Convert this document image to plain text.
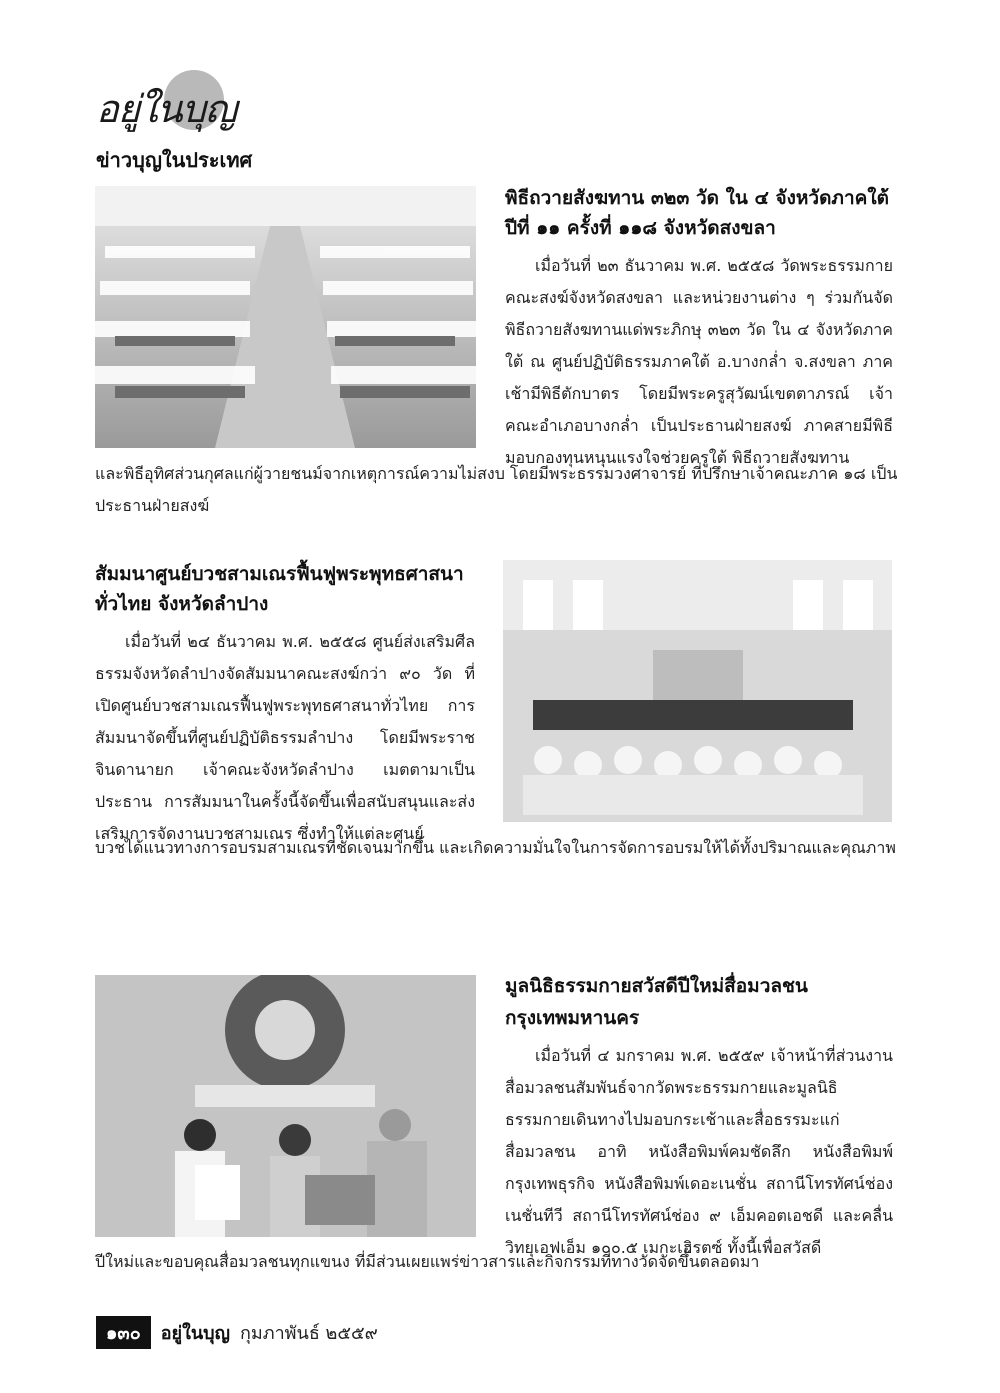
อยู่ในบุญ
ข่าวบุญในประเทศ
พิธีถวายสังฆทาน ๓๒๓ วัด ใน ๔ จังหวัดภาคใต้
ปีที่ ๑๑ ครั้งที่ ๑๑๘ จังหวัดสงขลา
เมื่อวันที่ ๒๓ ธันวาคม พ.ศ. ๒๕๕๘ วัดพระธรรมกาย คณะสงฆ์จังหวัดสงขลา และหน่วยงานต่าง ๆ ร่วมกันจัดพิธีถวายสังฆทานแด่พระภิกษุ ๓๒๓ วัด ใน ๔ จังหวัดภาคใต้ ณ ศูนย์ปฏิบัติธรรมภาคใต้ อ.บางกล่ำ จ.สงขลา ภาคเช้ามีพิธีตักบาตร โดยมีพระครูสุวัฒน์เขตตาภรณ์ เจ้าคณะอำเภอบางกล่ำ เป็นประธานฝ่ายสงฆ์ ภาคสายมีพิธีมอบกองทุนหนุนแรงใจช่วยครูใต้ พิธีถวายสังฆทาน
และพิธีอุทิศส่วนกุศลแก่ผู้วายชนม์จากเหตุการณ์ความไม่สงบ โดยมีพระธรรมวงศาจารย์ ที่ปรึกษาเจ้าคณะภาค ๑๘ เป็นประธานฝ่ายสงฆ์
สัมมนาศูนย์บวชสามเณรฟื้นฟูพระพุทธศาสนา
ทั่วไทย จังหวัดลำปาง
เมื่อวันที่ ๒๔ ธันวาคม พ.ศ. ๒๕๕๘ ศูนย์ส่งเสริมศีลธรรมจังหวัดลำปางจัดสัมมนาคณะสงฆ์กว่า ๙๐ วัด ที่เปิดศูนย์บวชสามเณรฟื้นฟูพระพุทธศาสนาทั่วไทย การสัมมนาจัดขึ้นที่ศูนย์ปฏิบัติธรรมลำปาง โดยมีพระราชจินดานายก เจ้าคณะจังหวัดลำปาง เมตตามาเป็นประธาน การสัมมนาในครั้งนี้จัดขึ้นเพื่อสนับสนุนและส่งเสริมการจัดงานบวชสามเณร ซึ่งทำให้แต่ละศูนย์
บวชได้แนวทางการอบรมสามเณรที่ชัดเจนมากขึ้น และเกิดความมั่นใจในการจัดการอบรมให้ได้ทั้งปริมาณและคุณภาพ
มูลนิธิธรรมกายสวัสดีปีใหม่สื่อมวลชน
กรุงเทพมหานคร
เมื่อวันที่ ๔ มกราคม พ.ศ. ๒๕๕๙ เจ้าหน้าที่ส่วนงานสื่อมวลชนสัมพันธ์จากวัดพระธรรมกายและมูลนิธิธรรมกายเดินทางไปมอบกระเช้าและสื่อธรรมะแก่สื่อมวลชน อาทิ หนังสือพิมพ์คมชัดลึก หนังสือพิมพ์กรุงเทพธุรกิจ หนังสือพิมพ์เดอะเนชั่น สถานีโทรทัศน์ช่องเนชั่นทีวี สถานีโทรทัศน์ช่อง ๙ เอ็มคอตเอชดี และคลื่นวิทยุเอฟเอ็ม ๑๐๐.๕ เมกะเฮิรตซ์ ทั้งนี้เพื่อสวัสดี
ปีใหม่และขอบคุณสื่อมวลชนทุกแขนง ที่มีส่วนเผยแพร่ข่าวสารและกิจกรรมที่ทางวัดจัดขึ้นตลอดมา
๑๓๐	อยู่ในบุญ กุมภาพันธ์ ๒๕๕๙
